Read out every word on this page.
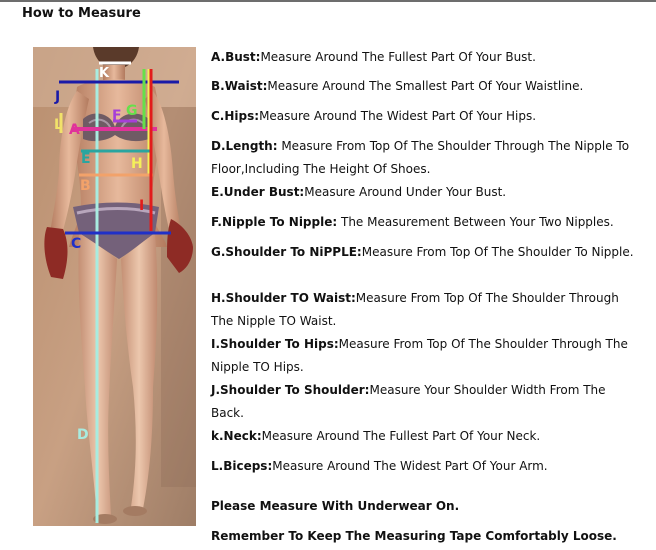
How to Measure
J
L A
F G
E	H
B
I
C
D
K

A.Bust:Measure Around The Fullest Part Of Your Bust.

B.Waist:Measure Around The Smallest Part Of Your Waistline.

C.Hips:Measure Around The Widest Part Of Your Hips.

D.Length: Measure From Top Of The Shoulder Through The Nipple To Floor,Including The Height Of Shoes.

E.Under Bust:Measure Around Under Your Bust.

F.Nipple To Nipple: The Measurement Between Your Two Nipples.

G.Shoulder To NiPPLE:Measure From Top Of The Shoulder To Nipple.

H.Shoulder TO Waist:Measure From Top Of The Shoulder Through The Nipple TO Waist.

I.Shoulder To Hips:Measure From Top Of The Shoulder Through The Nipple TO Hips.

J.Shoulder To Shoulder:Measure Your Shoulder Width From The Back.

k.Neck:Measure Around The Fullest Part Of Your Neck.

L.Biceps:Measure Around The Widest Part Of Your Arm.

Please Measure With Underwear On.
Remember To Keep The Measuring Tape Comfortably Loose.
